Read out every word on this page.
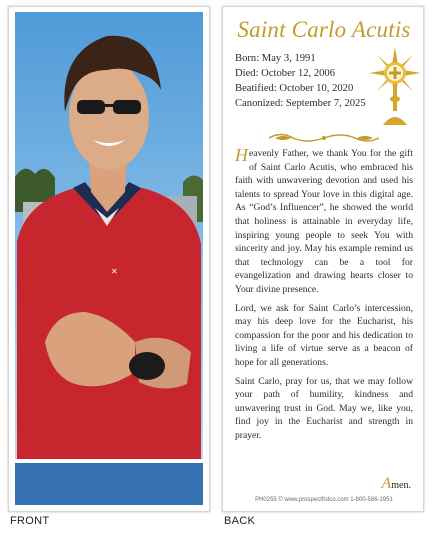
✕
FRONT
Saint Carlo Acutis
Born: May 3, 1991
Died: October 12, 2006
Beatified: October 10, 2020
Canonized: September 7, 2025

Heavenly Father, we thank You for the gift of Saint Carlo Acutis, who embraced his faith with unwavering devotion and used his talents to spread Your love in this digital age. As “God’s Influencer”, he showed the world that holiness is attainable in everyday life, inspiring young people to seek You with sincerity and joy. May his example remind us that technology can be a tool for evangelization and drawing hearts closer to Your divine presence.

Lord, we ask for Saint Carlo’s intercession, may his deep love for the Eucharist, his compassion for the poor and his dedication to living a life of virtue serve as a beacon of hope for all generations.

Saint Carlo, pray for us, that we may follow your path of humility, kindness and unwavering trust in God. May we, like you, find joy in the Eucharist and strength in prayer.

Amen.
PH0255 © www.prospectfislco.com 1-800-586-1951
BACK
